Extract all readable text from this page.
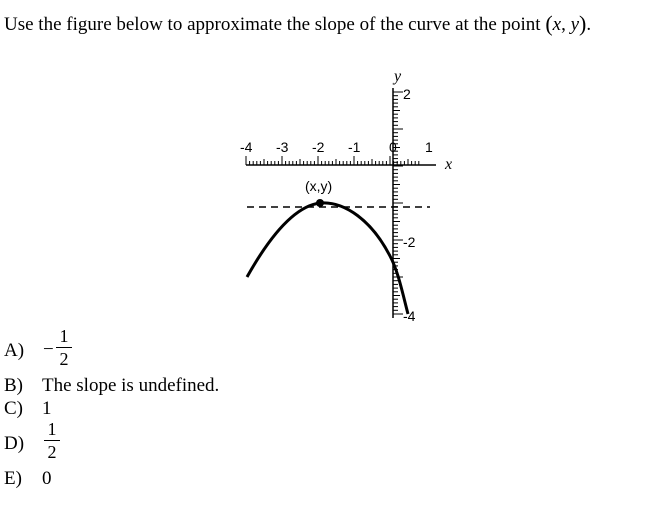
Use the figure below to approximate the slope of the curve at the point (x, y).
(x,y)
y
x
-4 -3 -2 -1 0 1
2
-2
-4
A) −
1
2
B) The slope is undefined.
C) 1
D)
1
2
E) 0
